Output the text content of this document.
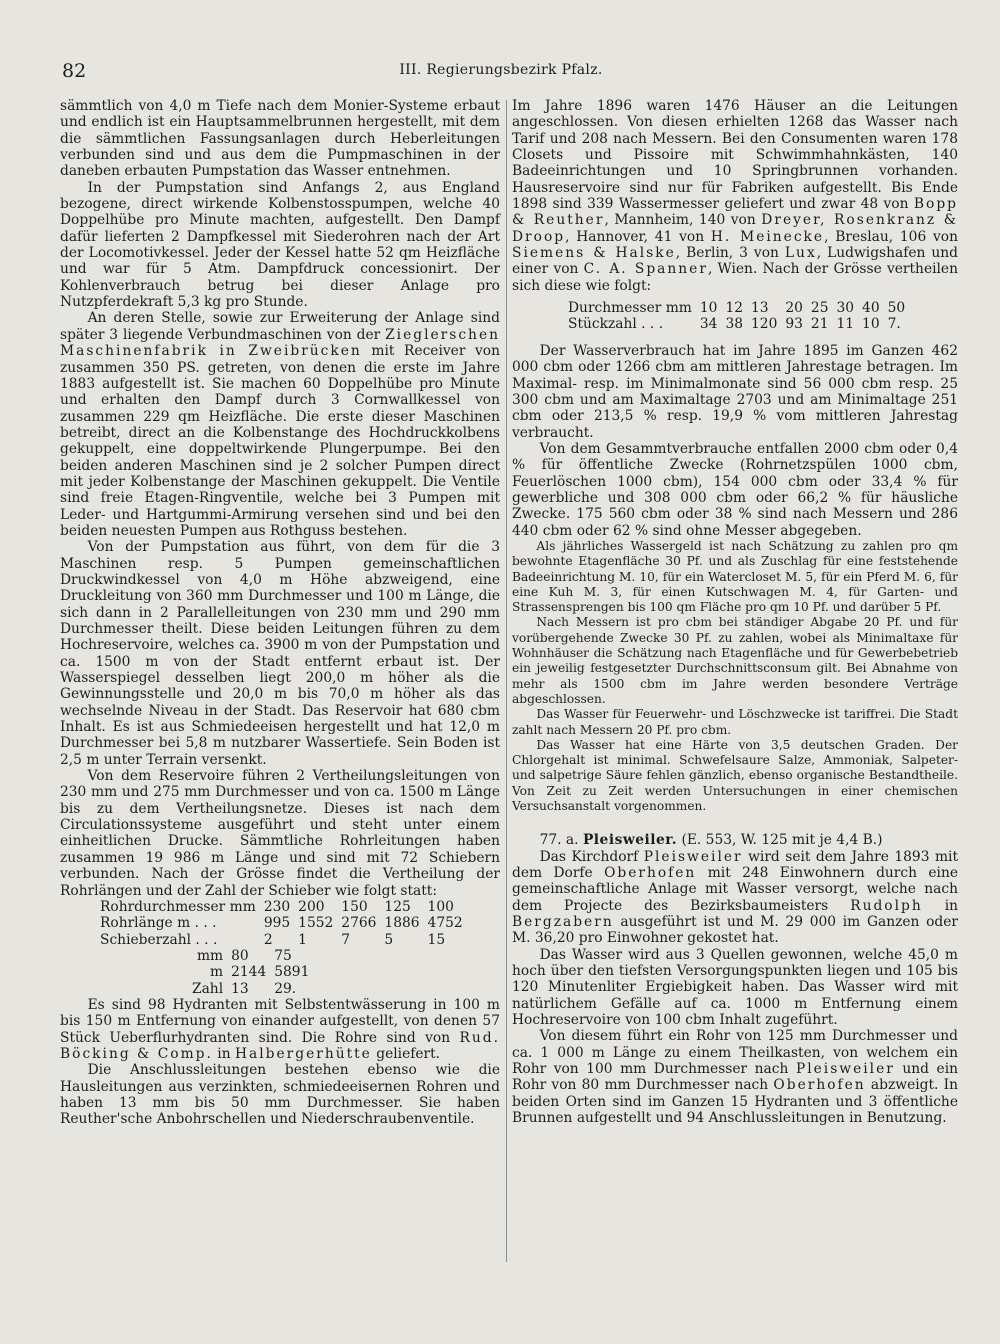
82	III. Regierungsbezirk Pfalz.

sämmtlich von 4,0 m Tiefe nach dem Monier-Systeme erbaut und endlich ist ein Hauptsammelbrunnen hergestellt, mit dem die sämmtlichen Fassungsanlagen durch Heberleitungen verbunden sind und aus dem die Pumpmaschinen in der daneben erbauten Pumpstation das Wasser entnehmen.

In der Pumpstation sind Anfangs 2, aus England bezogene, direct wirkende Kolbenstosspumpen, welche 40 Doppelhübe pro Minute machten, aufgestellt. Den Dampf dafür lieferten 2 Dampfkessel mit Siederohren nach der Art der Locomotivkessel. Jeder der Kessel hatte 52 qm Heizfläche und war für 5 Atm. Dampfdruck concessionirt. Der Kohlenverbrauch betrug bei dieser Anlage pro Nutzpferdekraft 5,3 kg pro Stunde.

An deren Stelle, sowie zur Erweiterung der Anlage sind später 3 liegende Verbundmaschinen von der Zieglerschen Maschinenfabrik in Zweibrücken mit Receiver von zusammen 350 PS. getreten, von denen die erste im Jahre 1883 aufgestellt ist. Sie machen 60 Doppelhübe pro Minute und erhalten den Dampf durch 3 Cornwallkessel von zusammen 229 qm Heizfläche. Die erste dieser Maschinen betreibt, direct an die Kolbenstange des Hochdruckkolbens gekuppelt, eine doppeltwirkende Plungerpumpe. Bei den beiden anderen Maschinen sind je 2 solcher Pumpen direct mit jeder Kolbenstange der Maschinen gekuppelt. Die Ventile sind freie Etagen-Ringventile, welche bei 3 Pumpen mit Leder- und Hartgummi-Armirung versehen sind und bei den beiden neuesten Pumpen aus Rothguss bestehen.

Von der Pumpstation aus führt, von dem für die 3 Maschinen resp. 5 Pumpen gemeinschaftlichen Druckwindkessel von 4,0 m Höhe abzweigend, eine Druckleitung von 360 mm Durchmesser und 100 m Länge, die sich dann in 2 Parallelleitungen von 230 mm und 290 mm Durchmesser theilt. Diese beiden Leitungen führen zu dem Hochreservoire, welches ca. 3900 m von der Pumpstation und ca. 1500 m von der Stadt entfernt erbaut ist. Der Wasserspiegel desselben liegt 200,0 m höher als die Gewinnungsstelle und 20,0 m bis 70,0 m höher als das wechselnde Niveau in der Stadt. Das Reservoir hat 680 cbm Inhalt. Es ist aus Schmiedeeisen hergestellt und hat 12,0 m Durchmesser bei 5,8 m nutzbarer Wassertiefe. Sein Boden ist 2,5 m unter Terrain versenkt.

Von dem Reservoire führen 2 Vertheilungsleitungen von 230 mm und 275 mm Durchmesser und von ca. 1500 m Länge bis zu dem Vertheilungsnetze. Dieses ist nach dem Circulationssysteme ausgeführt und steht unter einem einheitlichen Drucke. Sämmtliche Rohrleitungen haben zusammen 19 986 m Länge und sind mit 72 Schiebern verbunden. Nach der Grösse findet die Vertheilung der Rohrlängen und der Zahl der Schieber wie folgt statt:

Rohrdurchmesser mm	230	200	150	125	100
Rohrlänge m . . .	995	1552	2766	1886	4752
Schieberzahl . . .	2	1	7	5	15
mm	80	75
m	2144	5891
Zahl	13	29.

Es sind 98 Hydranten mit Selbstentwässerung in 100 m bis 150 m Entfernung von einander aufgestellt, von denen 57 Stück Ueberflurhydranten sind. Die Rohre sind von Rud. Böcking & Comp. in Halbergerhütte geliefert.

Die Anschlussleitungen bestehen ebenso wie die Hausleitungen aus verzinkten, schmiedeeisernen Rohren und haben 13 mm bis 50 mm Durchmesser. Sie haben Reuther'sche Anbohrschellen und Niederschraubenventile.

Im Jahre 1896 waren 1476 Häuser an die Leitungen angeschlossen. Von diesen erhielten 1268 das Wasser nach Tarif und 208 nach Messern. Bei den Consumenten waren 178 Closets und Pissoire mit Schwimmhahnkästen, 140 Badeeinrichtungen und 10 Springbrunnen vorhanden. Hausreservoire sind nur für Fabriken aufgestellt. Bis Ende 1898 sind 339 Wassermesser geliefert und zwar 48 von Bopp & Reuther, Mannheim, 140 von Dreyer, Rosenkranz & Droop, Hannover, 41 von H. Meinecke, Breslau, 106 von Siemens & Halske, Berlin, 3 von Lux, Ludwigshafen und einer von C. A. Spanner, Wien. Nach der Grösse vertheilen sich diese wie folgt:

Durchmesser mm	10	12	13	20	25	30	40	50
Stückzahl . . .	34	38	120	93	21	11	10	7.

Der Wasserverbrauch hat im Jahre 1895 im Ganzen 462 000 cbm oder 1266 cbm am mittleren Jahrestage betragen. Im Maximal- resp. im Minimalmonate sind 56 000 cbm resp. 25 300 cbm und am Maximaltage 2703 und am Minimaltage 251 cbm oder 213,5 % resp. 19,9 % vom mittleren Jahrestag verbraucht.

Von dem Gesammtverbrauche entfallen 2000 cbm oder 0,4 % für öffentliche Zwecke (Rohrnetzspülen 1000 cbm, Feuerlöschen 1000 cbm), 154 000 cbm oder 33,4 % für gewerbliche und 308 000 cbm oder 66,2 % für häusliche Zwecke. 175 560 cbm oder 38 % sind nach Messern und 286 440 cbm oder 62 % sind ohne Messer abgegeben.

Als jährliches Wassergeld ist nach Schätzung zu zahlen pro qm bewohnte Etagenfläche 30 Pf. und als Zuschlag für eine feststehende Badeeinrichtung M. 10, für ein Watercloset M. 5, für ein Pferd M. 6, für eine Kuh M. 3, für einen Kutschwagen M. 4, für Garten- und Strassensprengen bis 100 qm Fläche pro qm 10 Pf. und darüber 5 Pf.

Nach Messern ist pro cbm bei ständiger Abgabe 20 Pf. und für vorübergehende Zwecke 30 Pf. zu zahlen, wobei als Minimaltaxe für Wohnhäuser die Schätzung nach Etagenfläche und für Gewerbebetrieb ein jeweilig festgesetzter Durchschnittsconsum gilt. Bei Abnahme von mehr als 1500 cbm im Jahre werden besondere Verträge abgeschlossen.

Das Wasser für Feuerwehr- und Löschzwecke ist tariffrei. Die Stadt zahlt nach Messern 20 Pf. pro cbm.

Das Wasser hat eine Härte von 3,5 deutschen Graden. Der Chlorgehalt ist minimal. Schwefelsaure Salze, Ammoniak, Salpeter- und salpetrige Säure fehlen gänzlich, ebenso organische Bestandtheile. Von Zeit zu Zeit werden Untersuchungen in einer chemischen Versuchsanstalt vorgenommen.

77. a. Pleisweiler. (E. 553, W. 125 mit je 4,4 B.)

Das Kirchdorf Pleisweiler wird seit dem Jahre 1893 mit dem Dorfe Oberhofen mit 248 Einwohnern durch eine gemeinschaftliche Anlage mit Wasser versorgt, welche nach dem Projecte des Bezirksbaumeisters Rudolph in Bergzabern ausgeführt ist und M. 29 000 im Ganzen oder M. 36,20 pro Einwohner gekostet hat.

Das Wasser wird aus 3 Quellen gewonnen, welche 45,0 m hoch über den tiefsten Versorgungspunkten liegen und 105 bis 120 Minutenliter Ergiebigkeit haben. Das Wasser wird mit natürlichem Gefälle auf ca. 1000 m Entfernung einem Hochreservoire von 100 cbm Inhalt zugeführt.

Von diesem führt ein Rohr von 125 mm Durchmesser und ca. 1 000 m Länge zu einem Theilkasten, von welchem ein Rohr von 100 mm Durchmesser nach Pleisweiler und ein Rohr von 80 mm Durchmesser nach Oberhofen abzweigt. In beiden Orten sind im Ganzen 15 Hydranten und 3 öffentliche Brunnen aufgestellt und 94 Anschlussleitungen in Benutzung.
